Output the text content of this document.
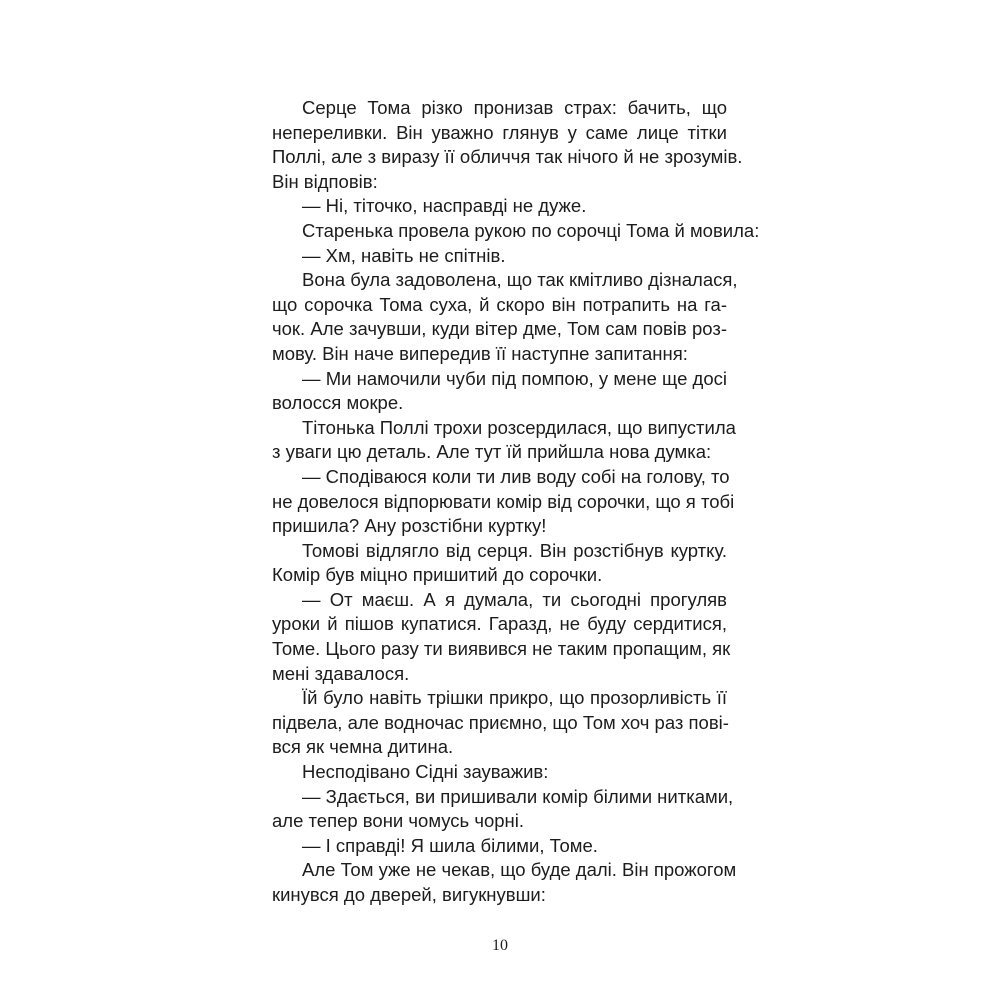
Серце Тома різко пронизав страх: бачить, що
непереливки. Він уважно глянув у саме лице тітки
Поллі, але з виразу її обличчя так нічого й не зрозумів.
Він відповів:
— Ні, тіточко, насправді не дуже.
Старенька провела рукою по сорочці Тома й мовила:
— Хм, навіть не спітнів.
Вона була задоволена, що так кмітливо дізналася,
що сорочка Тома суха, й скоро він потрапить на га-
чок. Але зачувши, куди вітер дме, Том сам повів роз-
мову. Він наче випередив її наступне запитання:
— Ми намочили чуби під помпою, у мене ще досі
волосся мокре.
Тітонька Поллі трохи розсердилася, що випустила
з уваги цю деталь. Але тут їй прийшла нова думка:
— Сподіваюся коли ти лив воду собі на голову, то
не довелося відпорювати комір від сорочки, що я тобі
пришила? Ану розстібни куртку!
Томові відлягло від серця. Він розстібнув куртку.
Комір був міцно пришитий до сорочки.
— От маєш. А я думала, ти сьогодні прогуляв
уроки й пішов купатися. Гаразд, не буду сердитися,
Томе. Цього разу ти виявився не таким пропащим, як
мені здавалося.
Їй було навіть трішки прикро, що прозорливість її
підвела, але водночас приємно, що Том хоч раз пові-
вся як чемна дитина.
Несподівано Сідні зауважив:
— Здається, ви пришивали комір білими нитками,
але тепер вони чомусь чорні.
— І справді! Я шила білими, Томе.
Але Том уже не чекав, що буде далі. Він прожогом
кинувся до дверей, вигукнувши:
10
